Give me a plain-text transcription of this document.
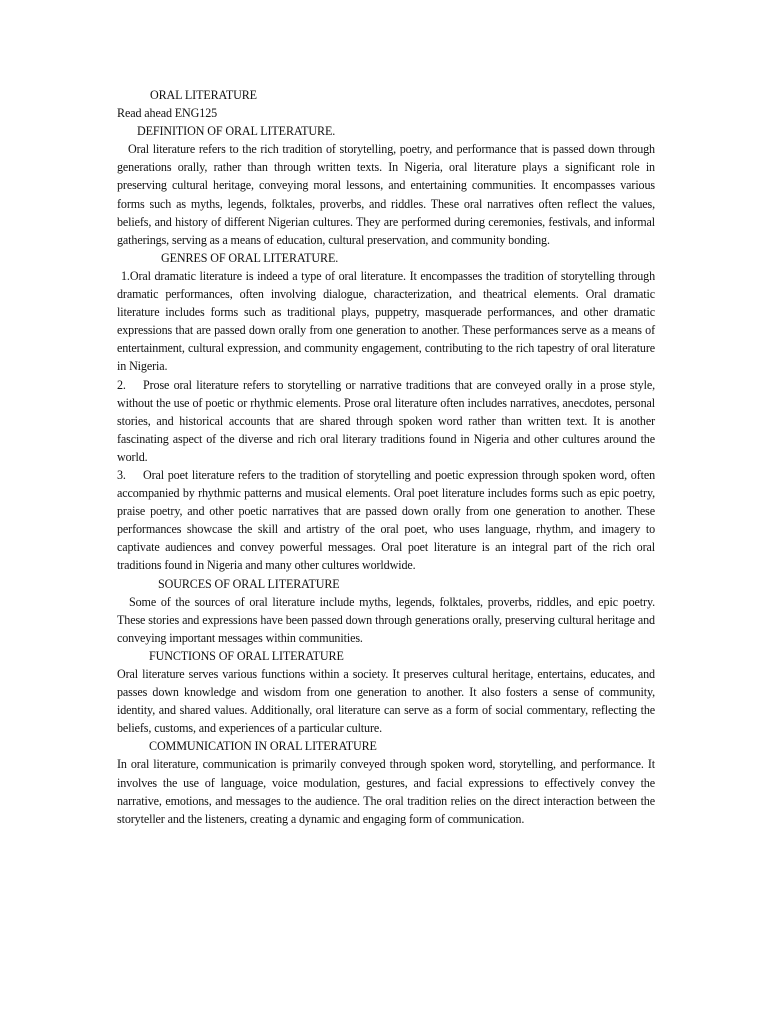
ORAL LITERATURE

Read ahead ENG125

DEFINITION OF ORAL LITERATURE.

Oral literature refers to the rich tradition of storytelling, poetry, and performance that is passed down through generations orally, rather than through written texts. In Nigeria, oral literature plays a significant role in preserving cultural heritage, conveying moral lessons, and entertaining communities. It encompasses various forms such as myths, legends, folktales, proverbs, and riddles. These oral narratives often reflect the values, beliefs, and history of different Nigerian cultures. They are performed during ceremonies, festivals, and informal gatherings, serving as a means of education, cultural preservation, and community bonding.

GENRES OF ORAL LITERATURE.

1.Oral dramatic literature is indeed a type of oral literature. It encompasses the tradition of storytelling through dramatic performances, often involving dialogue, characterization, and theatrical elements. Oral dramatic literature includes forms such as traditional plays, puppetry, masquerade performances, and other dramatic expressions that are passed down orally from one generation to another. These performances serve as a means of entertainment, cultural expression, and community engagement, contributing to the rich tapestry of oral literature in Nigeria.

2. Prose oral literature refers to storytelling or narrative traditions that are conveyed orally in a prose style, without the use of poetic or rhythmic elements. Prose oral literature often includes narratives, anecdotes, personal stories, and historical accounts that are shared through spoken word rather than written text. It is another fascinating aspect of the diverse and rich oral literary traditions found in Nigeria and other cultures around the world.

3. Oral poet literature refers to the tradition of storytelling and poetic expression through spoken word, often accompanied by rhythmic patterns and musical elements. Oral poet literature includes forms such as epic poetry, praise poetry, and other poetic narratives that are passed down orally from one generation to another. These performances showcase the skill and artistry of the oral poet, who uses language, rhythm, and imagery to captivate audiences and convey powerful messages. Oral poet literature is an integral part of the rich oral traditions found in Nigeria and many other cultures worldwide.

SOURCES OF ORAL LITERATURE

Some of the sources of oral literature include myths, legends, folktales, proverbs, riddles, and epic poetry. These stories and expressions have been passed down through generations orally, preserving cultural heritage and conveying important messages within communities.

FUNCTIONS OF ORAL LITERATURE

Oral literature serves various functions within a society. It preserves cultural heritage, entertains, educates, and passes down knowledge and wisdom from one generation to another. It also fosters a sense of community, identity, and shared values. Additionally, oral literature can serve as a form of social commentary, reflecting the beliefs, customs, and experiences of a particular culture.

COMMUNICATION IN ORAL LITERATURE

In oral literature, communication is primarily conveyed through spoken word, storytelling, and performance. It involves the use of language, voice modulation, gestures, and facial expressions to effectively convey the narrative, emotions, and messages to the audience. The oral tradition relies on the direct interaction between the storyteller and the listeners, creating a dynamic and engaging form of communication.
